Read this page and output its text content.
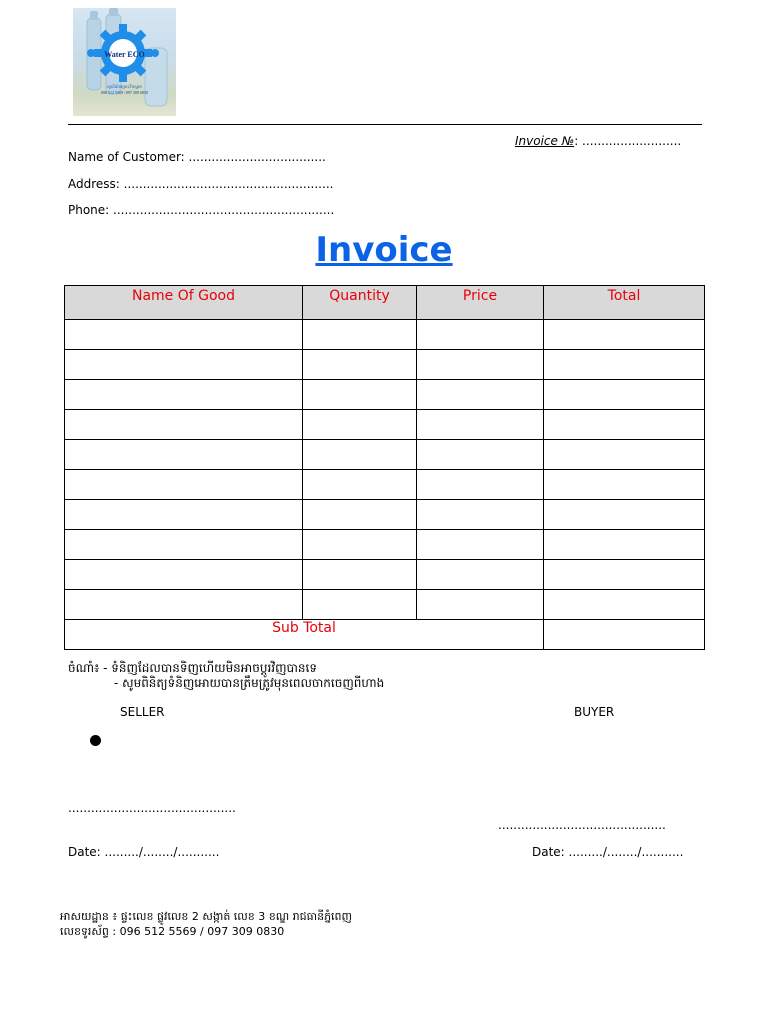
Water ECO
ស្ថានីយ៍ចម្រោះទឹកស្អាត
096 512 5569 / 097 309 0830
Invoice №: ..........................
Name of Customer: ....................................
Address: .......................................................
Phone: ..........................................................
Invoice
Name Of Good	Quantity	Price	Total

Sub Total			
ចំណាំ៖ - ទំនិញដែលបានទិញហើយមិនអាចប្តូរវិញបានទេ
- សូមពិនិត្យទំនិញអោយបានត្រឹមត្រូវមុនពេលចាកចេញពីហាង
SELLER	BUYER
............................................
............................................
Date: ........./......../...........	Date: ........./......../...........
អាសយដ្ឋាន ៖ ផ្ទះលេខ ផ្លូវលេខ 2 សង្កាត់ លេខ 3 ខណ្ឌ រាជធានីភ្នំពេញ
លេខទូរស័ព្ទ : 096 512 5569 / 097 309 0830
